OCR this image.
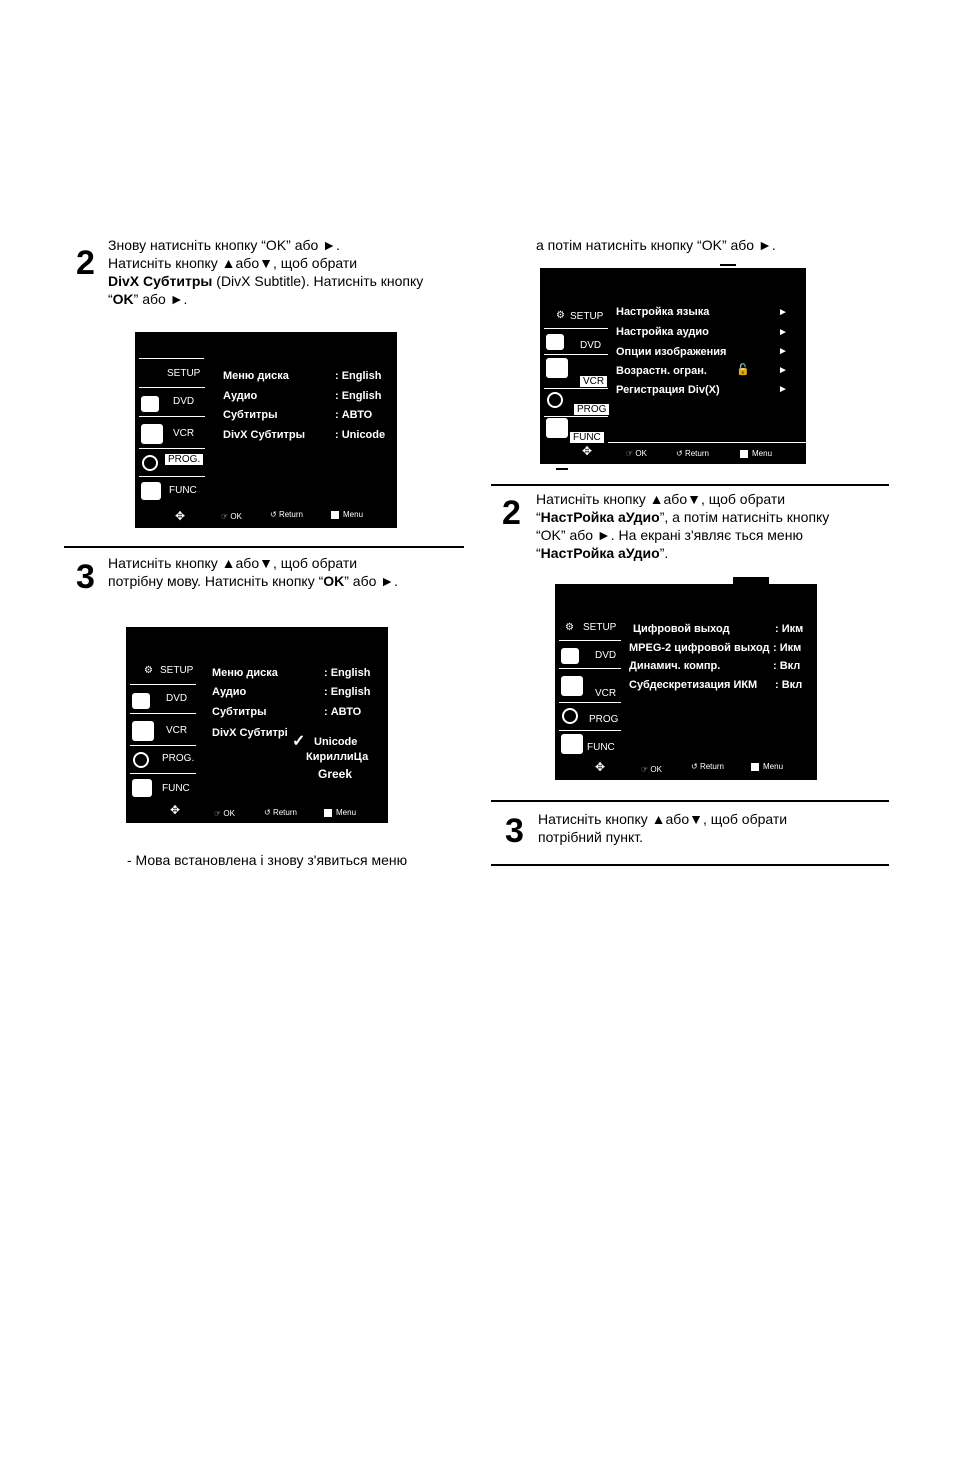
2 Знову натисніть кнопку “OK” або ►.
Натисніть кнопку ▲або▼, щоб обрати
DivX Субтитры (DivX Subtitle). Натисніть кнопку
“OK” або ►.
SETUP
DVD
VCR
PROG.
FUNC
Меню диска	: English
Аудио	: English
Субтитры	: АВТО
DivX Субтитры	: Unicode
✥	☞ OK	↺ Return	Menu
3 Натисніть кнопку ▲або▼, щоб обрати
потрібну мову. Натисніть кнопку “OK” або ►.
⚙ SETUP
DVD
VCR
PROG.
FUNC
Меню диска	: English
Аудио	: English
Субтитры	: АВТО
DivX Субтитрі ✓ Unicode
КириллиЦа
Greek
✥	☞ OK	↺ Return	Menu
- Мова встановлена і знову з'явиться меню
а потім натисніть кнопку “OK” або ►.
⚙ SETUP
DVD
VCR
PROG
FUNC
Настройка языка	►
Настройка аудио	►
Опции изображения	►
Возрастн. огран.	🔓	►
Регистрация Div(X)	►
✥	☞ OK	↺ Return	Menu
2 Натисніть кнопку ▲або▼, щоб обрати
“НастРойка аУдио”, а потім натисніть кнопку
“OK” або ►. На екрані з'являє ться меню
“НастРойка аУдио”.
⚙ SETUP
DVD
VCR
PROG
FUNC
Цифровой выход	: Икм
MPEG-2 цифровой выход : Икм
Динамич. компр.	: Вкл
Субдескретизация ИКМ : Вкл
✥	☞ OK	↺ Return	Menu
3 Натисніть кнопку ▲або▼, щоб обрати
потрібний пункт.
